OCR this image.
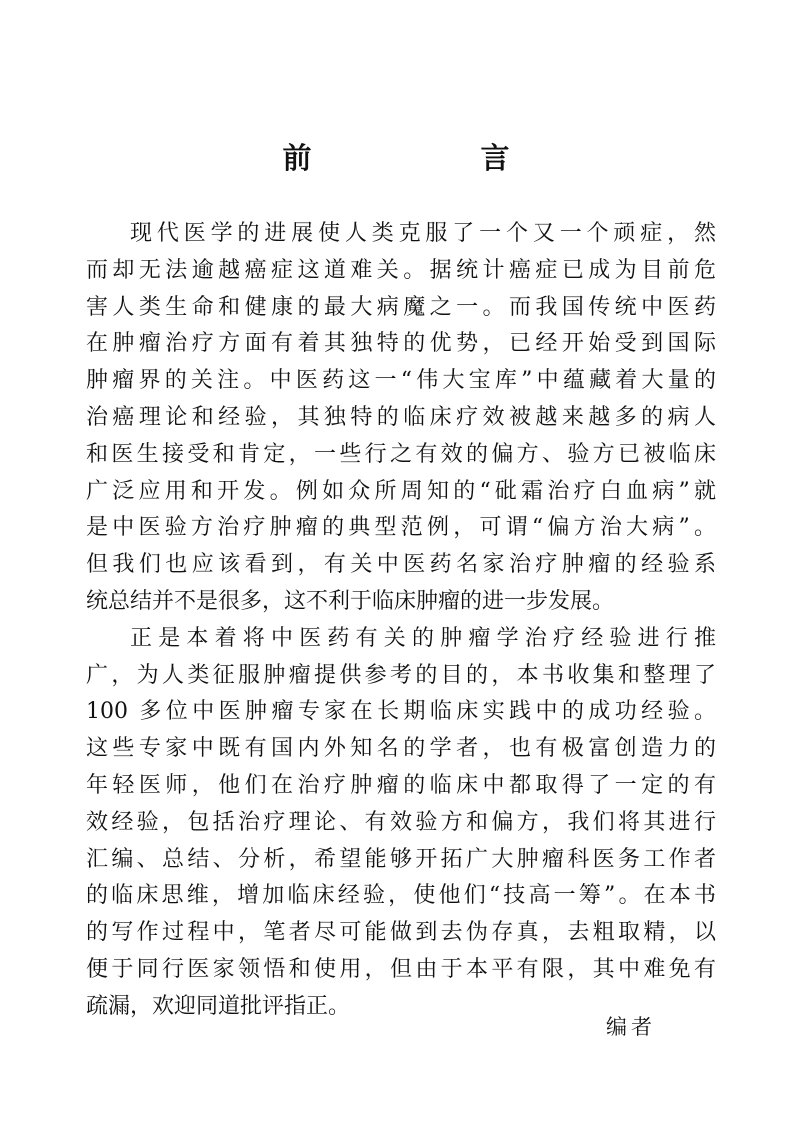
前　言
现代医学的进展使人类克服了一个又一个顽症，然
而却无法逾越癌症这道难关。据统计癌症已成为目前危
害人类生命和健康的最大病魔之一。而我国传统中医药
在肿瘤治疗方面有着其独特的优势，已经开始受到国际
肿瘤界的关注。中医药这一“伟大宝库”中蕴藏着大量的
治癌理论和经验，其独特的临床疗效被越来越多的病人
和医生接受和肯定，一些行之有效的偏方、验方已被临床
广泛应用和开发。例如众所周知的“砒霜治疗白血病”就
是中医验方治疗肿瘤的典型范例，可谓“偏方治大病”。
但我们也应该看到，有关中医药名家治疗肿瘤的经验系
统总结并不是很多，这不利于临床肿瘤的进一步发展。
正是本着将中医药有关的肿瘤学治疗经验进行推
广，为人类征服肿瘤提供参考的目的，本书收集和整理了
100 多位中医肿瘤专家在长期临床实践中的成功经验。
这些专家中既有国内外知名的学者，也有极富创造力的
年轻医师，他们在治疗肿瘤的临床中都取得了一定的有
效经验，包括治疗理论、有效验方和偏方，我们将其进行
汇编、总结、分析，希望能够开拓广大肿瘤科医务工作者
的临床思维，增加临床经验，使他们“技高一筹”。在本书
的写作过程中，笔者尽可能做到去伪存真，去粗取精，以
便于同行医家领悟和使用，但由于本平有限，其中难免有
疏漏，欢迎同道批评指正。
编者
